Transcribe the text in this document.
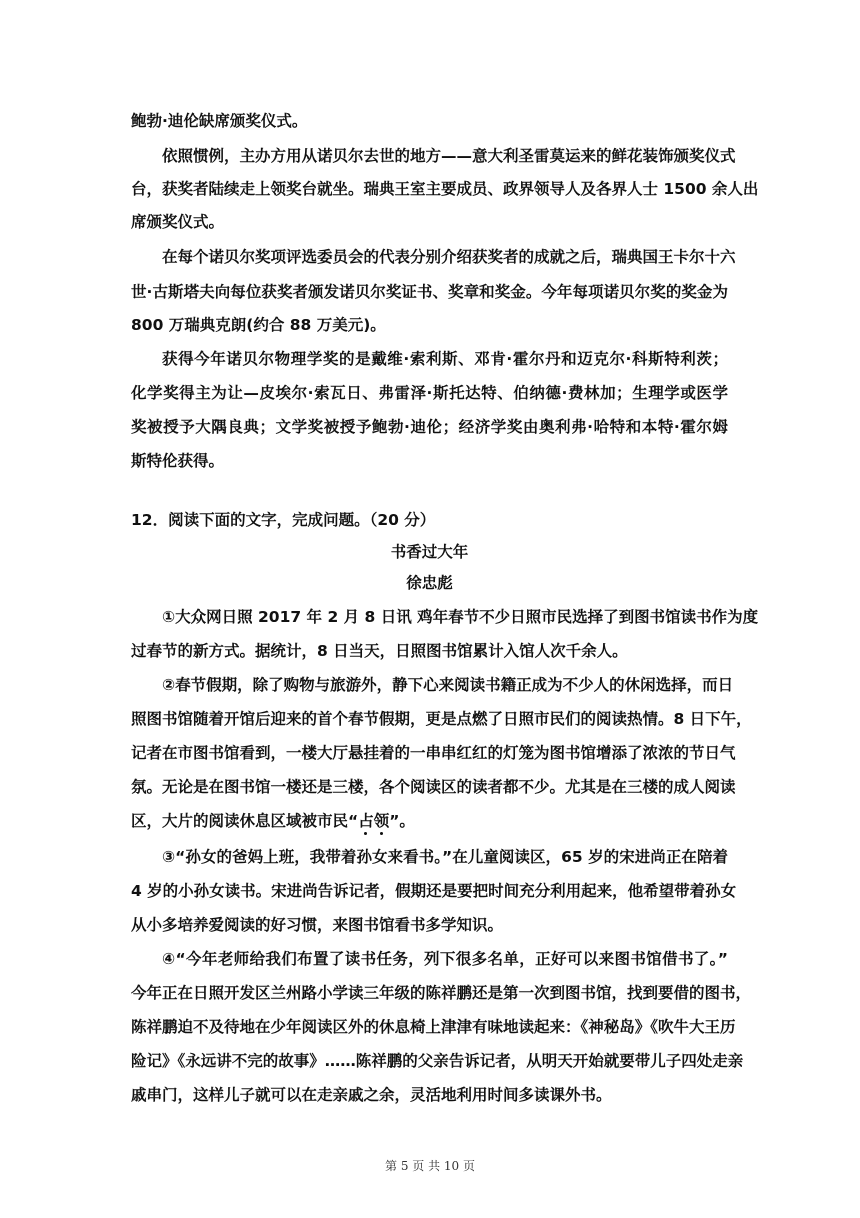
鲍勃·迪伦缺席颁奖仪式。
依照惯例，主办方用从诺贝尔去世的地方——意大利圣雷莫运来的鲜花装饰颁奖仪式
台，获奖者陆续走上领奖台就坐。瑞典王室主要成员、政界领导人及各界人士 1500 余人出
席颁奖仪式。
在每个诺贝尔奖项评选委员会的代表分别介绍获奖者的成就之后，瑞典国王卡尔十六
世·古斯塔夫向每位获奖者颁发诺贝尔奖证书、奖章和奖金。今年每项诺贝尔奖的奖金为
800 万瑞典克朗(约合 88 万美元)。
获得今年诺贝尔物理学奖的是戴维·索利斯、邓肯·霍尔丹和迈克尔·科斯特利茨；
化学奖得主为让—皮埃尔·索瓦日、弗雷泽·斯托达特、伯纳德·费林加；生理学或医学
奖被授予大隅良典；文学奖被授予鲍勃·迪伦；经济学奖由奥利弗·哈特和本特·霍尔姆
斯特伦获得。
12．阅读下面的文字，完成问题。（20 分）
书香过大年
徐忠彪
①大众网日照 2017 年 2 月 8 日讯 鸡年春节不少日照市民选择了到图书馆读书作为度
过春节的新方式。据统计，8 日当天，日照图书馆累计入馆人次千余人。
②春节假期，除了购物与旅游外，静下心来阅读书籍正成为不少人的休闲选择，而日
照图书馆随着开馆后迎来的首个春节假期，更是点燃了日照市民们的阅读热情。8 日下午，
记者在市图书馆看到，一楼大厅悬挂着的一串串红红的灯笼为图书馆增添了浓浓的节日气
氛。无论是在图书馆一楼还是三楼，各个阅读区的读者都不少。尤其是在三楼的成人阅读
区，大片的阅读休息区域被市民“占领”。
③“孙女的爸妈上班，我带着孙女来看书。”在儿童阅读区，65 岁的宋进尚正在陪着
4 岁的小孙女读书。宋进尚告诉记者，假期还是要把时间充分利用起来，他希望带着孙女
从小多培养爱阅读的好习惯，来图书馆看书多学知识。
④“今年老师给我们布置了读书任务，列下很多名单，正好可以来图书馆借书了。”
今年正在日照开发区兰州路小学读三年级的陈祥鹏还是第一次到图书馆，找到要借的图书，
陈祥鹏迫不及待地在少年阅读区外的休息椅上津津有味地读起来：《神秘岛》《吹牛大王历
险记》《永远讲不完的故事》……陈祥鹏的父亲告诉记者，从明天开始就要带儿子四处走亲
戚串门，这样儿子就可以在走亲戚之余，灵活地利用时间多读课外书。
第 5 页 共 10 页
